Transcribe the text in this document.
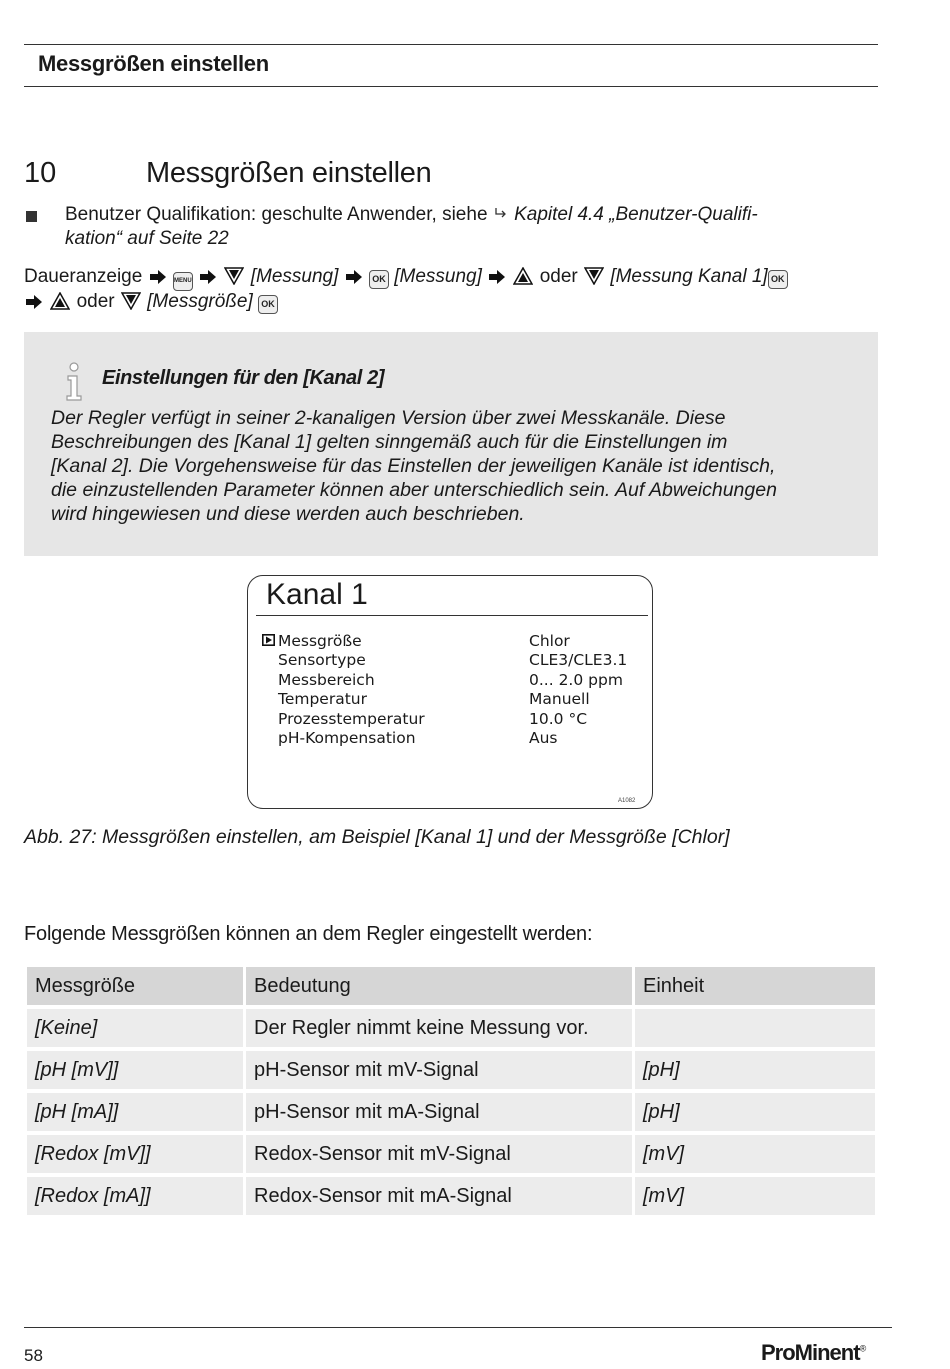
Messgrößen einstellen
10	Messgrößen einstellen
Benutzer Qualifikation: geschulte Anwender, siehe Kapitel 4.4 „Benutzer-Qualifi-
kation“ auf Seite 22
Daueranzeige	MENU	[Messung]	OK [Messung]	oder [Messung Kanal 1] OK
oder [Messgröße] OK
Einstellungen für den [Kanal 2]
Der Regler verfügt in seiner 2-kanaligen Version über zwei Messkanäle. Diese
Beschreibungen des [Kanal 1] gelten sinngemäß auch für die Einstellungen im
[Kanal 2]. Die Vorgehensweise für das Einstellen der jeweiligen Kanäle ist identisch,
die einzustellenden Parameter können aber unterschiedlich sein. Auf Abweichungen
wird hingewiesen und diese werden auch beschrieben.
Kanal 1
Messgröße	Chlor
Sensortype	CLE3/CLE3.1
Messbereich	0... 2.0 ppm
Temperatur	Manuell
Prozesstemperatur	10.0 °C
pH-Kompensation	Aus
A1082
Abb. 27: Messgrößen einstellen, am Beispiel [Kanal 1] und der Messgröße [Chlor]
Folgende Messgrößen können an dem Regler eingestellt werden:
Messgröße	Bedeutung	Einheit
[Keine]	Der Regler nimmt keine Messung vor.	
[pH [mV]]	pH-Sensor mit mV-Signal	[pH]
[pH [mA]]	pH-Sensor mit mA-Signal	[pH]
[Redox [mV]]	Redox-Sensor mit mV-Signal	[mV]
[Redox [mA]]	Redox-Sensor mit mA-Signal	[mV]
58	ProMinent®
